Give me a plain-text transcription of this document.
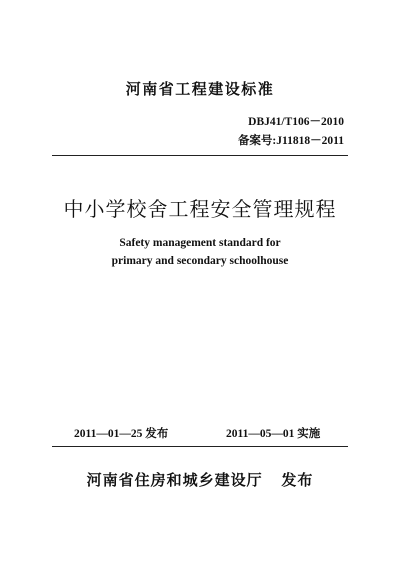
河南省工程建设标准
DBJ41/T106－2010
备案号:J11818－2011
中小学校舍工程安全管理规程
Safety management standard for
primary and secondary schoolhouse
2011—01—25 发布	2011—05—01 实施
河南省住房和城乡建设厅   发布
